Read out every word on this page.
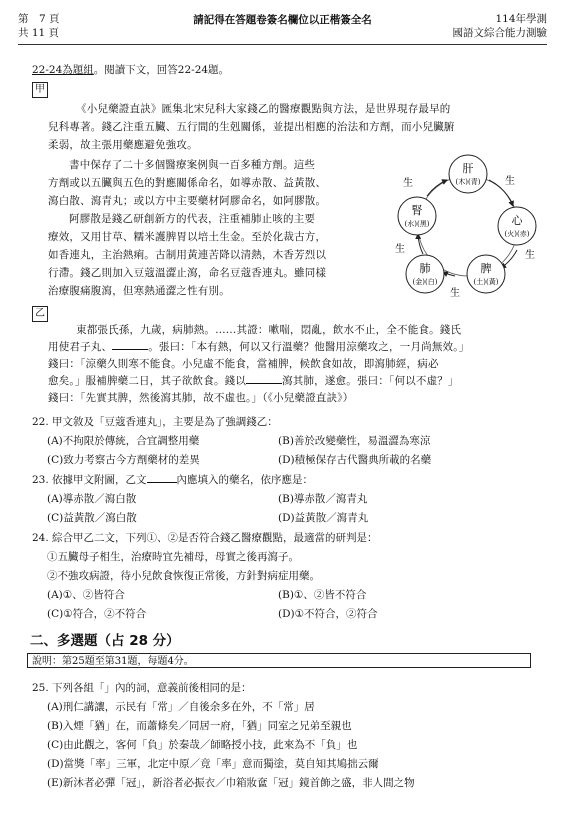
第　7 頁
共 11 頁
請記得在答題卷簽名欄位以正楷簽全名	114年學測
國語文綜合能力測驗
22-24為題組。閱讀下文，回答22-24題。
甲

《小兒藥證直訣》匯集北宋兒科大家錢乙的醫療觀點與方法，是世界現存最早的

兒科專著。錢乙注重五臟、五行間的生剋關係，並提出相應的治法和方劑，而小兒臟腑

柔弱，故主張用藥應避免強攻。

書中保存了二十多個醫療案例與一百多種方劑。這些

方劑或以五臟與五色的對應關係命名，如導赤散、益黃散、

瀉白散、瀉青丸；或以方中主要藥材阿膠命名，如阿膠散。

阿膠散是錢乙研創新方的代表，注重補肺止咳的主要

療效，又用甘草、糯米護脾胃以培土生金。至於化裁古方，

如香連丸，主治熱痢。古制用黃連苦降以清熱，木香芳烈以

行滯。錢乙則加入豆蔻溫澀止瀉，命名豆蔻香連丸。雖同樣

治療腹痛腹瀉，但寒熱通澀之性有別。

肝
(木)(青)
心
(火)(赤)
脾
(土)(黃)
肺
(金)(白)
腎
(水)(黑)
生
生
生
生
生
乙

東都張氏孫，九歲，病肺熱。……其證：嗽喘，悶亂，飲水不止，全不能食。錢氏

用使君子丸、	。張曰：「本有熱，何以又行溫藥？他醫用涼藥攻之，一月尚無效。」

錢曰：「涼藥久則寒不能食。小兒虛不能食，當補脾，候飲食如故，即瀉肺經，病必

愈矣。」服補脾藥二日，其子欲飲食。錢以	瀉其肺，遂愈。張曰：「何以不虛？」

錢曰：「先實其脾，然後瀉其肺，故不虛也。」（《小兒藥證直訣》）

22. 甲文敘及「豆蔻香連丸」，主要是為了強調錢乙：
(A)不拘限於傳統，合宜調整用藥	(B)善於改變藥性，易溫澀為寒涼
(C)致力考察古今方劑藥材的差異	(D)積極保存古代醫典所載的名藥
23. 依據甲文附圖，乙文	內應填入的藥名，依序應是：
(A)導赤散／瀉白散	(B)導赤散／瀉青丸
(C)益黃散／瀉白散	(D)益黃散／瀉青丸
24. 綜合甲乙二文，下列①、②是否符合錢乙醫療觀點，最適當的研判是：
①五臟母子相生，治療時宜先補母，母實之後再瀉子。
②不強攻病證，待小兒飲食恢復正常後，方針對病症用藥。
(A)①、②皆符合	(B)①、②皆不符合
(C)①符合，②不符合	(D)①不符合，②符合
二、多選題（占 28 分）
說明：第25題至第31題，每題4分。
25. 下列各組「」內的詞，意義前後相同的是：
(A)刑仁講讓，示民有「常」／自後余多在外，不「常」居
(B)入煙「猶」在，而蕭條矣／同居一府，「猶」同室之兄弟至親也
(C)由此觀之，客何「負」於秦哉／師略授小技，此來為不「負」也
(D)當獎「率」三軍，北定中原／竟「率」意而獨塗，莫自知其鳩拙云爾
(E)新沐者必彈「冠」，新浴者必振衣／巾箱妝奩「冠」鏡首飾之盛，非人間之物
